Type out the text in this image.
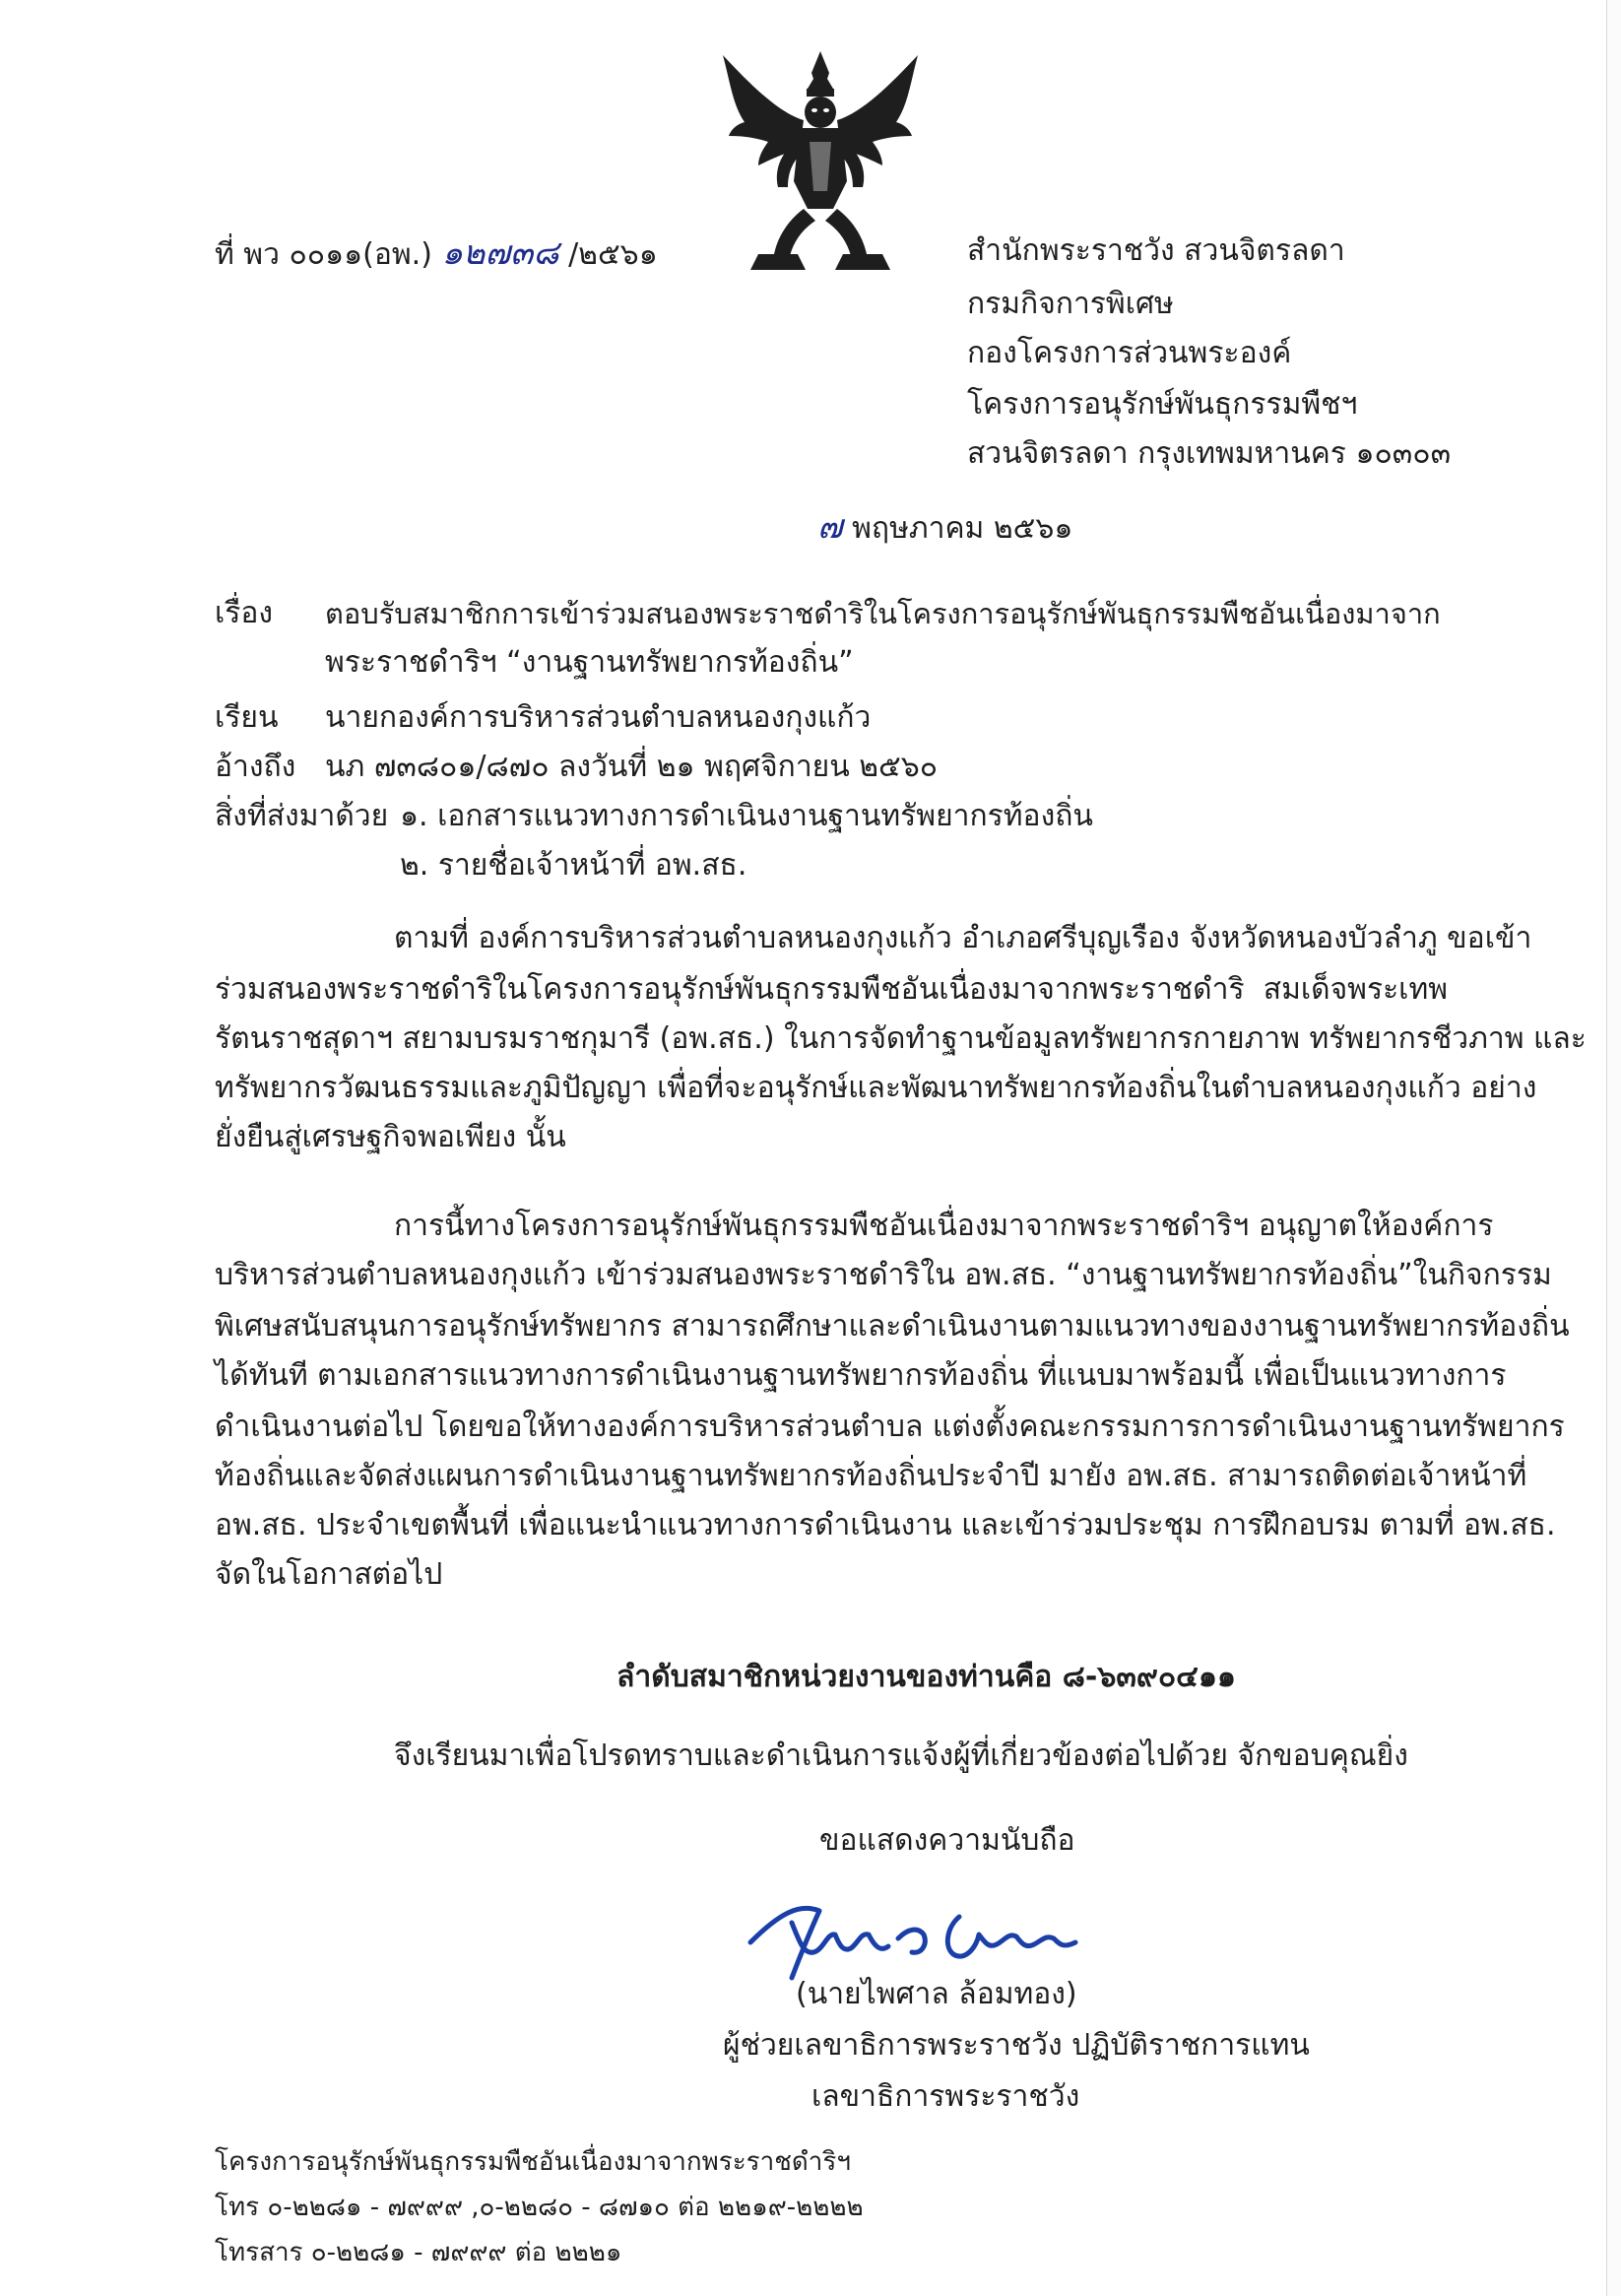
ที่ พว ๐๐๑๑(อพ.) ๑๒๗๓๘ /๒๕๖๑	สำนักพระราชวัง สวนจิตรลดา
กรมกิจการพิเศษ
กองโครงการส่วนพระองค์
โครงการอนุรักษ์พันธุกรรมพืชฯ
สวนจิตรลดา กรุงเทพมหานคร ๑๐๓๐๓
๗ พฤษภาคม ๒๕๖๑
เรื่อง ตอบรับสมาชิกการเข้าร่วมสนองพระราชดำริในโครงการอนุรักษ์พันธุกรรมพืชอันเนื่องมาจาก
พระราชดำริฯ “งานฐานทรัพยากรท้องถิ่น”
เรียน นายกองค์การบริหารส่วนตำบลหนองกุงแก้ว
อ้างถึง นภ ๗๓๘๐๑/๘๗๐ ลงวันที่ ๒๑ พฤศจิกายน ๒๕๖๐
สิ่งที่ส่งมาด้วย ๑. เอกสารแนวทางการดำเนินงานฐานทรัพยากรท้องถิ่น
๒. รายชื่อเจ้าหน้าที่ อพ.สธ.
ตามที่ องค์การบริหารส่วนตำบลหนองกุงแก้ว อำเภอศรีบุญเรือง จังหวัดหนองบัวลำภู ขอเข้า
ร่วมสนองพระราชดำริในโครงการอนุรักษ์พันธุกรรมพืชอันเนื่องมาจากพระราชดำริ สมเด็จพระเทพ
รัตนราชสุดาฯ สยามบรมราชกุมารี (อพ.สธ.) ในการจัดทำฐานข้อมูลทรัพยากรกายภาพ ทรัพยากรชีวภาพ และ
ทรัพยากรวัฒนธรรมและภูมิปัญญา เพื่อที่จะอนุรักษ์และพัฒนาทรัพยากรท้องถิ่นในตำบลหนองกุงแก้ว อย่าง
ยั่งยืนสู่เศรษฐกิจพอเพียง นั้น
การนี้ทางโครงการอนุรักษ์พันธุกรรมพืชอันเนื่องมาจากพระราชดำริฯ อนุญาตให้องค์การ
บริหารส่วนตำบลหนองกุงแก้ว เข้าร่วมสนองพระราชดำริใน อพ.สธ. “งานฐานทรัพยากรท้องถิ่น”ในกิจกรรม
พิเศษสนับสนุนการอนุรักษ์ทรัพยากร สามารถศึกษาและดำเนินงานตามแนวทางของงานฐานทรัพยากรท้องถิ่น
ได้ทันที ตามเอกสารแนวทางการดำเนินงานฐานทรัพยากรท้องถิ่น ที่แนบมาพร้อมนี้ เพื่อเป็นแนวทางการ
ดำเนินงานต่อไป โดยขอให้ทางองค์การบริหารส่วนตำบล แต่งตั้งคณะกรรมการการดำเนินงานฐานทรัพยากร
ท้องถิ่นและจัดส่งแผนการดำเนินงานฐานทรัพยากรท้องถิ่นประจำปี มายัง อพ.สธ. สามารถติดต่อเจ้าหน้าที่
อพ.สธ. ประจำเขตพื้นที่ เพื่อแนะนำแนวทางการดำเนินงาน และเข้าร่วมประชุม การฝึกอบรม ตามที่ อพ.สธ.
จัดในโอกาสต่อไป
ลำดับสมาชิกหน่วยงานของท่านคือ ๘-๖๓๙๐๔๑๑
จึงเรียนมาเพื่อโปรดทราบและดำเนินการแจ้งผู้ที่เกี่ยวข้องต่อไปด้วย จักขอบคุณยิ่ง
ขอแสดงความนับถือ
(นายไพศาล ล้อมทอง)
ผู้ช่วยเลขาธิการพระราชวัง ปฏิบัติราชการแทน
เลขาธิการพระราชวัง
โครงการอนุรักษ์พันธุกรรมพืชอันเนื่องมาจากพระราชดำริฯ
โทร ๐-๒๒๘๑ - ๗๙๙๙ ,๐-๒๒๘๐ - ๘๗๑๐ ต่อ ๒๒๑๙-๒๒๒๒
โทรสาร ๐-๒๒๘๑ - ๗๙๙๙ ต่อ ๒๒๒๑
